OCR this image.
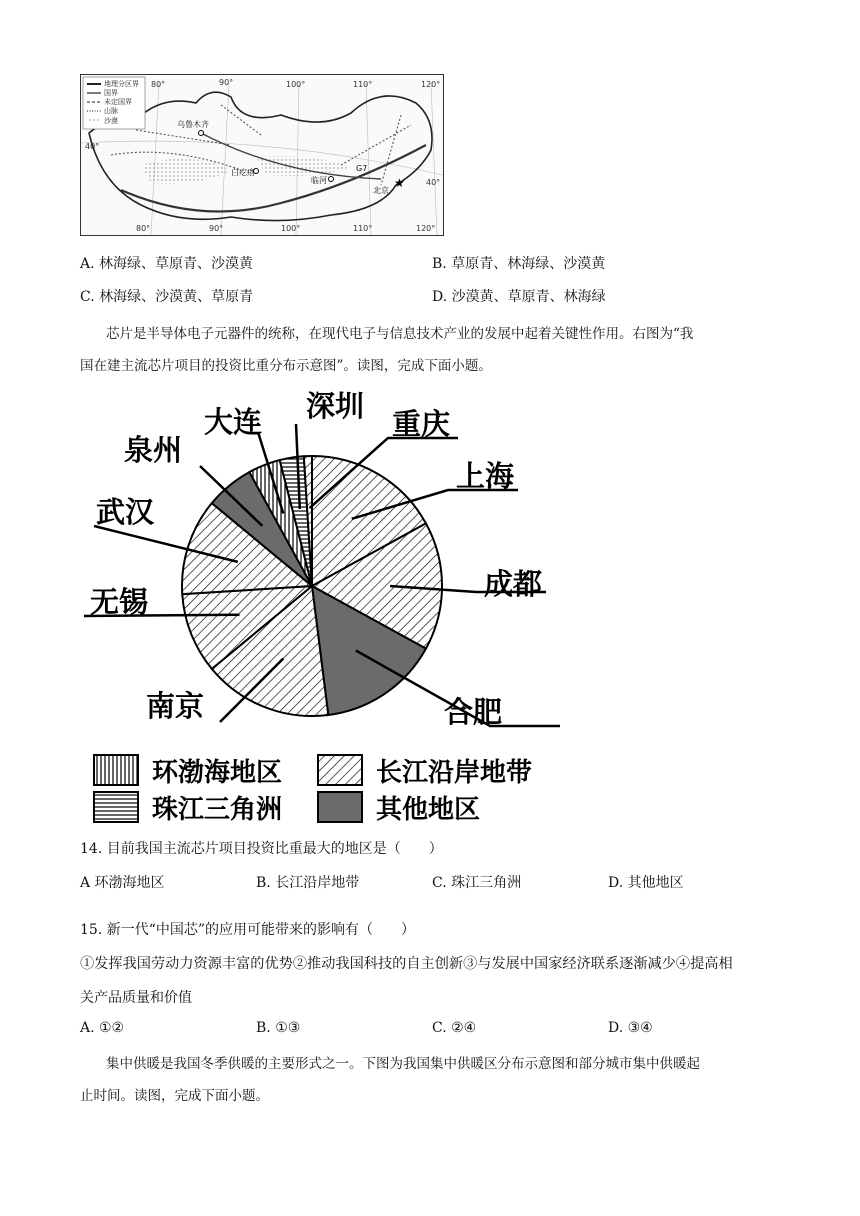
★
地理分区界
国界
未定国界
山脉
沙漠
80°	90°	100°	110°	120°
80°	90°	100°	110°	120°
40°
40°
乌鲁木齐
白疙瘩
临河
北京
G7
A. 林海绿、草原青、沙漠黄	B. 草原青、林海绿、沙漠黄
C. 林海绿、沙漠黄、草原青	D. 沙漠黄、草原青、林海绿
芯片是半导体电子元器件的统称，在现代电子与信息技术产业的发展中起着关键性作用。右图为“我
国在建主流芯片项目的投资比重分布示意图”。读图，完成下面小题。
上海
成都
合肥
南京
无锡
武汉
泉州
大连 深圳
重庆
环渤海地区	长江沿岸地带
珠江三角洲	其他地区
14. 目前我国主流芯片项目投资比重最大的地区是（　　）
A 环渤海地区	B. 长江沿岸地带	C. 珠江三角洲	D. 其他地区
15. 新一代“中国芯”的应用可能带来的影响有（　　）
①发挥我国劳动力资源丰富的优势②推动我国科技的自主创新③与发展中国家经济联系逐渐减少④提高相
关产品质量和价值
A. ①②	B. ①③	C. ②④	D. ③④
集中供暖是我国冬季供暖的主要形式之一。下图为我国集中供暖区分布示意图和部分城市集中供暖起
止时间。读图，完成下面小题。
